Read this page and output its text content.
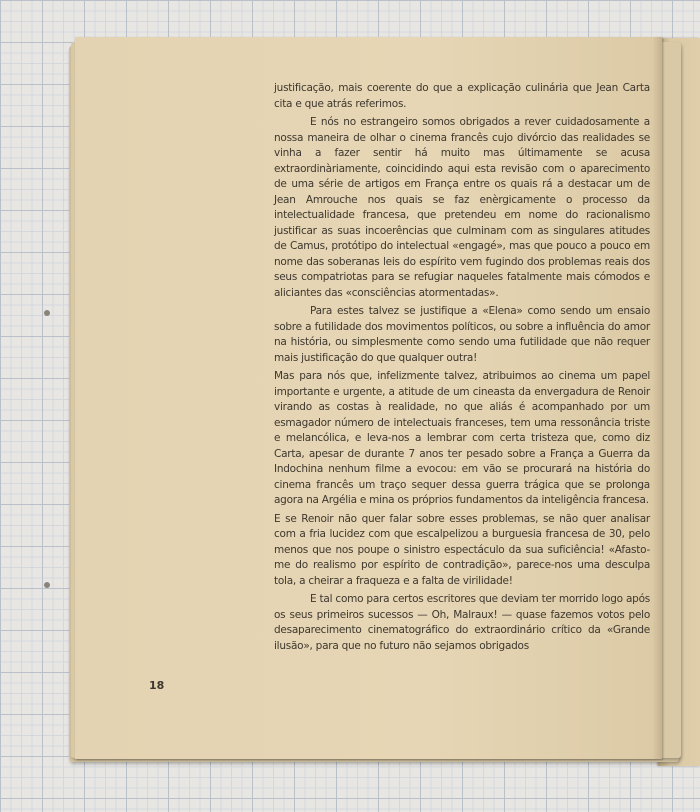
justificação, mais coerente do que a explicação culinária que Jean Carta cita e que atrás referimos.

E nós no estrangeiro somos obrigados a rever cuidadosamente a nossa maneira de olhar o cinema francês cujo divórcio das realidades se vinha a fazer sentir há muito mas últimamente se acusa extraordinàriamente, coincidindo aqui esta revisão com o aparecimento de uma série de artigos em França entre os quais rá a destacar um de Jean Amrouche nos quais se faz enèrgicamente o processo da intelectualidade francesa, que pretendeu em nome do racionalismo justificar as suas incoerências que culminam com as singulares atitudes de Camus, protótipo do intelectual «engagé», mas que pouco a pouco em nome das soberanas leis do espírito vem fugindo dos problemas reais dos seus compatriotas para se refugiar naqueles fatalmente mais cómodos e aliciantes das «consciências atormentadas».

Para estes talvez se justifique a «Elena» como sendo um ensaio sobre a futilidade dos movimentos políticos, ou sobre a influência do amor na história, ou simplesmente como sendo uma futilidade que não requer mais justificação do que qualquer outra!

Mas para nós que, infelizmente talvez, atribuimos ao cinema um papel importante e urgente, a atitude de um cineasta da envergadura de Renoir virando as costas à realidade, no que aliás é acompanhado por um esmagador número de intelectuais franceses, tem uma ressonância triste e melancólica, e leva-nos a lembrar com certa tristeza que, como diz Carta, apesar de durante 7 anos ter pesado sobre a França a Guerra da Indochina nenhum filme a evocou: em vão se procurará na história do cinema francês um traço sequer dessa guerra trágica que se prolonga agora na Argélia e mina os próprios fundamentos da inteligência francesa.

E se Renoir não quer falar sobre esses problemas, se não quer analisar com a fria lucidez com que escalpelizou a burguesia francesa de 30, pelo menos que nos poupe o sinistro espectáculo da sua suficiência! «Afasto-me do realismo por espírito de contradição», parece-nos uma desculpa tola, a cheirar a fraqueza e a falta de virilidade!

E tal como para certos escritores que deviam ter morrido logo após os seus primeiros sucessos — Oh, Malraux! — quase fazemos votos pelo desaparecimento cinematográfico do extraordinário crítico da «Grande ilusão», para que no futuro não sejamos obrigados

18
